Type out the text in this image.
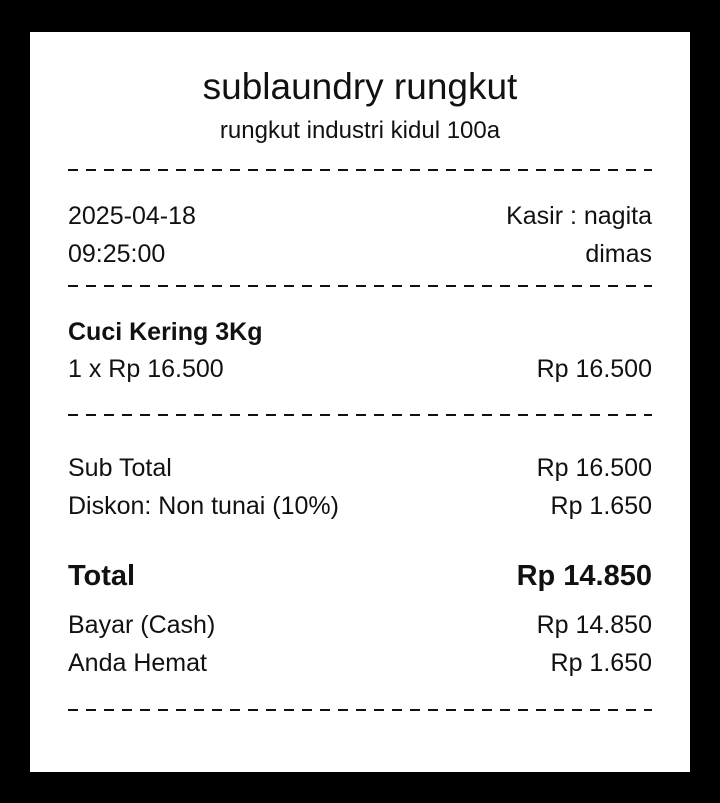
sublaundry rungkut
rungkut industri kidul 100a
2025-04-18	Kasir : nagita
09:25:00	dimas
Cuci Kering 3Kg
1 x Rp 16.500	Rp 16.500
Sub Total	Rp 16.500
Diskon: Non tunai (10%)	Rp 1.650
Total	Rp 14.850
Bayar (Cash)	Rp 14.850
Anda Hemat	Rp 1.650
